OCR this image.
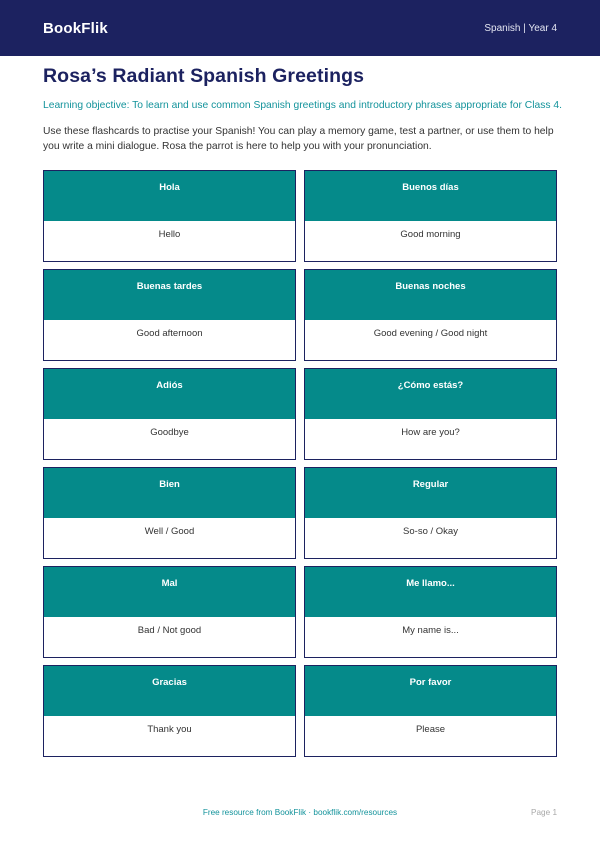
BookFlik	Spanish | Year 4
Rosa’s Radiant Spanish Greetings

Learning objective: To learn and use common Spanish greetings and introductory phrases appropriate for Class 4.

Use these flashcards to practise your Spanish! You can play a memory game, test a partner, or use them to help you write a mini dialogue. Rosa the parrot is here to help you with your pronunciation.

Hola
Hello
Buenos días
Good morning
Buenas tardes
Good afternoon
Buenas noches
Good evening / Good night
Adiós
Goodbye
¿Cómo estás?
How are you?
Bien
Well / Good
Regular
So-so / Okay
Mal
Bad / Not good
Me llamo...
My name is...
Gracias
Thank you
Por favor
Please
Free resource from BookFlik · bookflik.com/resources	Page 1
